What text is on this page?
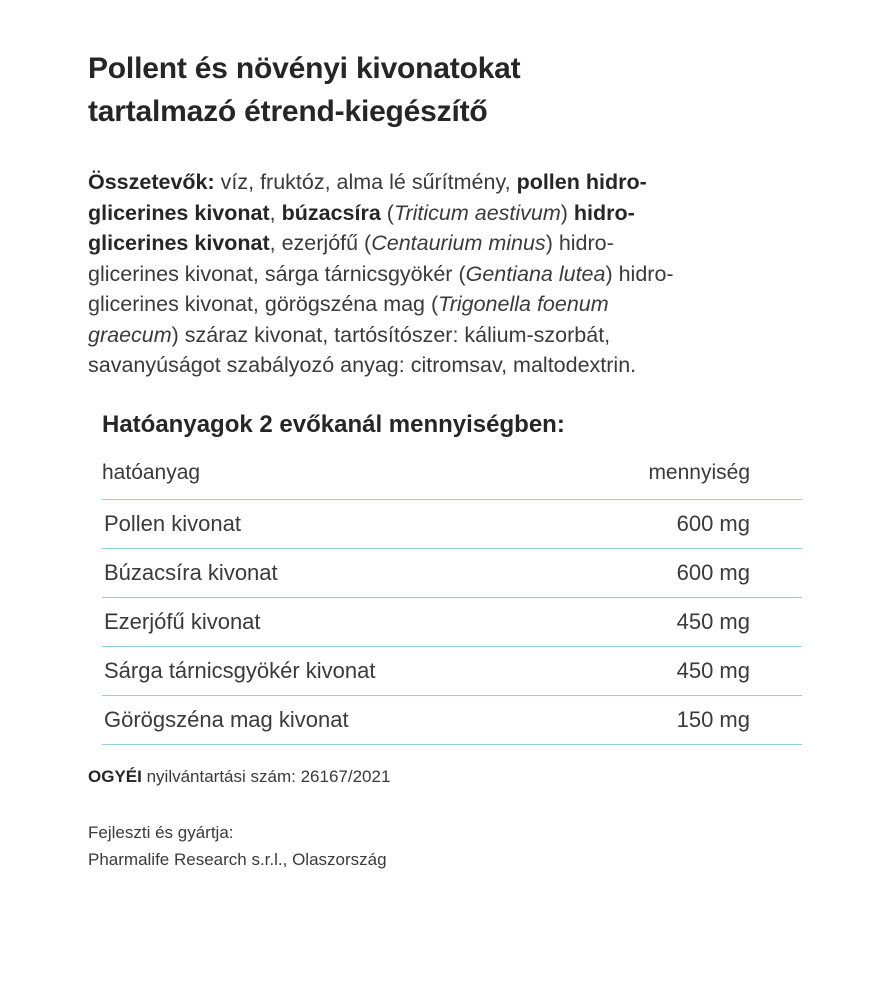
Pollent és növényi kivonatokat
tartalmazó étrend-kiegészítő

Összetevők: víz, fruktóz, alma lé sűrítmény, pollen hidro-glicerines kivonat, búzacsíra (Triticum aestivum) hidro-glicerines kivonat, ezerjófű (Centaurium minus) hidro-glicerines kivonat, sárga tárnicsgyökér (Gentiana lutea) hidro-glicerines kivonat, görögszéna mag (Trigonella foenum graecum) száraz kivonat, tartósítószer: kálium-szorbát, savanyúságot szabályozó anyag: citromsav, maltodextrin.

Hatóanyagok 2 evőkanál mennyiségben:
hatóanyag	mennyiség
Pollen kivonat	600 mg
Búzacsíra kivonat	600 mg
Ezerjófű kivonat	450 mg
Sárga tárnicsgyökér kivonat	450 mg
Görögszéna mag kivonat	150 mg

OGYÉI nyilvántartási szám: 26167/2021

Fejleszti és gyártja:
Pharmalife Research s.r.l., Olaszország
